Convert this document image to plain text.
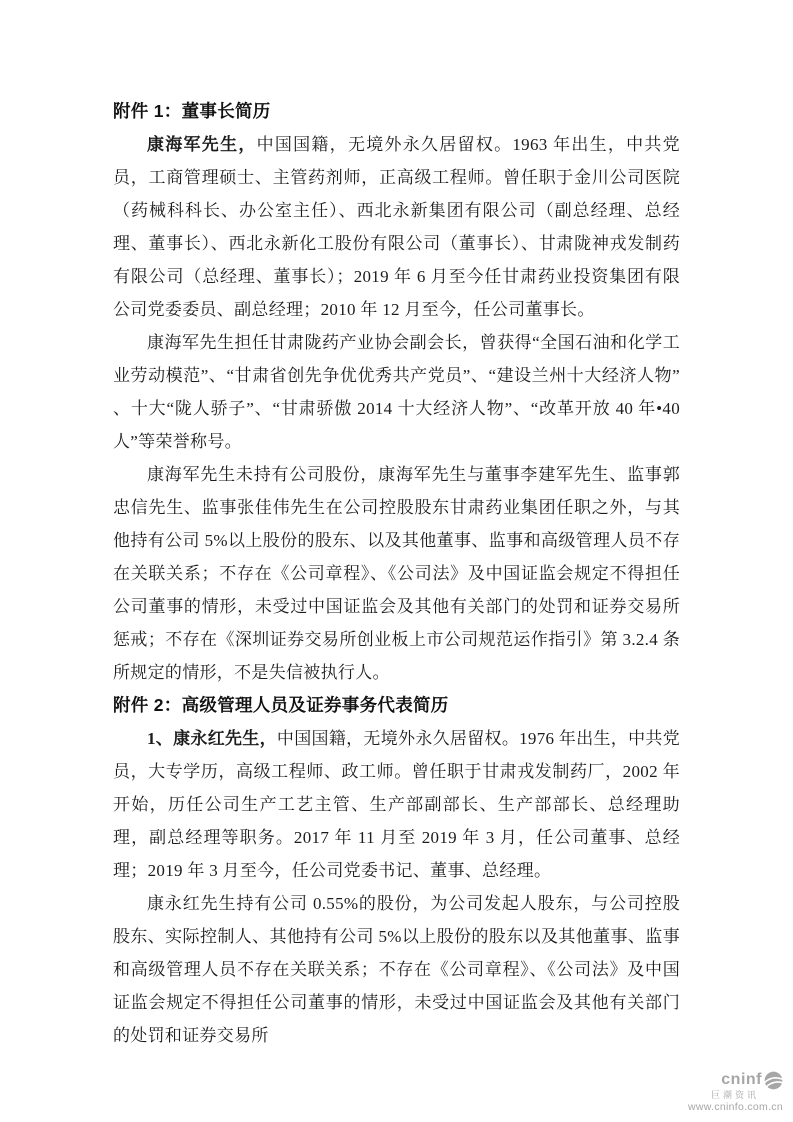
附件 1：董事长简历

康海军先生，中国国籍，无境外永久居留权。1963 年出生，中共党员，工商管理硕士、主管药剂师，正高级工程师。曾任职于金川公司医院（药械科科长、办公室主任）、西北永新集团有限公司（副总经理、总经理、董事长）、西北永新化工股份有限公司（董事长）、甘肃陇神戎发制药有限公司（总经理、董事长）；2019 年 6 月至今任甘肃药业投资集团有限公司党委委员、副总经理；2010 年 12 月至今，任公司董事长。

康海军先生担任甘肃陇药产业协会副会长，曾获得“全国石油和化学工业劳动模范”、“甘肃省创先争优优秀共产党员”、“建设兰州十大经济人物” 、十大“陇人骄子”、“甘肃骄傲 2014 十大经济人物”、“改革开放 40 年•40 人”等荣誉称号。

康海军先生未持有公司股份，康海军先生与董事李建军先生、监事郭忠信先生、监事张佳伟先生在公司控股股东甘肃药业集团任职之外，与其他持有公司 5%以上股份的股东、以及其他董事、监事和高级管理人员不存在关联关系；不存在《公司章程》、《公司法》及中国证监会规定不得担任公司董事的情形，未受过中国证监会及其他有关部门的处罚和证券交易所惩戒；不存在《深圳证券交易所创业板上市公司规范运作指引》第 3.2.4 条所规定的情形，不是失信被执行人。

附件 2：高级管理人员及证券事务代表简历

1、康永红先生，中国国籍，无境外永久居留权。1976 年出生，中共党员，大专学历，高级工程师、政工师。曾任职于甘肃戎发制药厂，2002 年开始，历任公司生产工艺主管、生产部副部长、生产部部长、总经理助理，副总经理等职务。2017 年 11 月至 2019 年 3 月，任公司董事、总经理；2019 年 3 月至今，任公司党委书记、董事、总经理。

康永红先生持有公司 0.55%的股份，为公司发起人股东，与公司控股股东、实际控制人、其他持有公司 5%以上股份的股东以及其他董事、监事和高级管理人员不存在关联关系；不存在《公司章程》、《公司法》及中国证监会规定不得担任公司董事的情形，未受过中国证监会及其他有关部门的处罚和证券交易所

cninf
巨潮资讯
www.cninfo.com.cn
